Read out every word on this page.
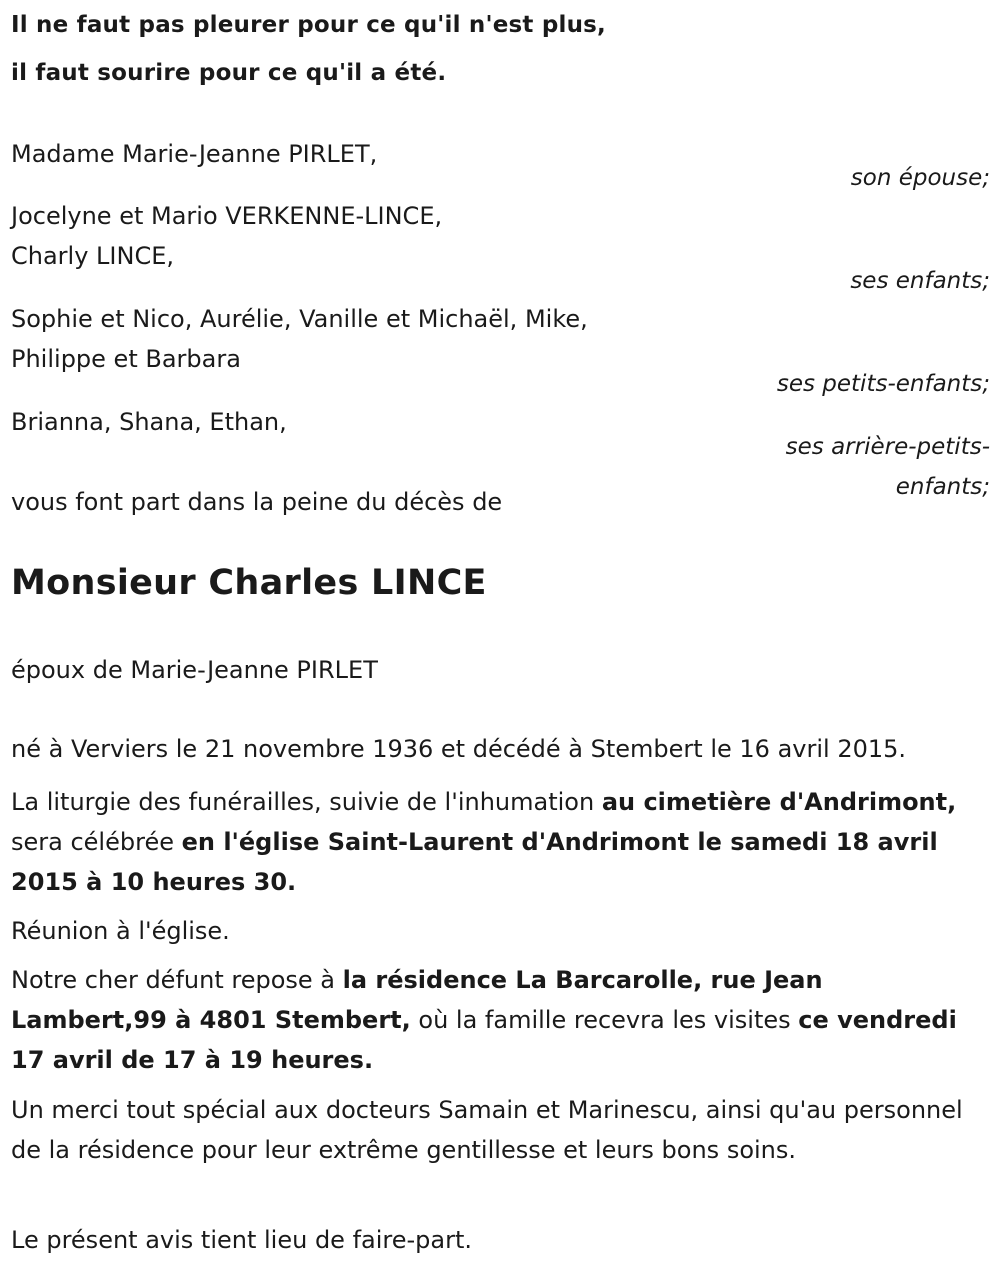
Il ne faut pas pleurer pour ce qu'il n'est plus,
il faut sourire pour ce qu'il a été.
Madame Marie-Jeanne PIRLET,
son épouse;
Jocelyne et Mario VERKENNE-LINCE,
Charly LINCE,
ses enfants;
Sophie et Nico, Aurélie, Vanille et Michaël, Mike,
Philippe et Barbara
ses petits-enfants;
Brianna, Shana, Ethan,
ses arrière-petits-
enfants;
vous font part dans la peine du décès de
Monsieur Charles LINCE
époux de Marie-Jeanne PIRLET
né à Verviers le 21 novembre 1936 et décédé à Stembert le 16 avril 2015.

La liturgie des funérailles, suivie de l'inhumation au cimetière d'Andrimont, sera célébrée en l'église Saint-Laurent d'Andrimont le samedi 18 avril 2015 à 10 heures 30.

Réunion à l'église.

Notre cher défunt repose à la résidence La Barcarolle, rue Jean Lambert,99 à 4801 Stembert, où la famille recevra les visites ce vendredi 17 avril de 17 à 19 heures.

Un merci tout spécial aux docteurs Samain et Marinescu, ainsi qu'au personnel de la résidence pour leur extrême gentillesse et leurs bons soins.

Le présent avis tient lieu de faire-part.
